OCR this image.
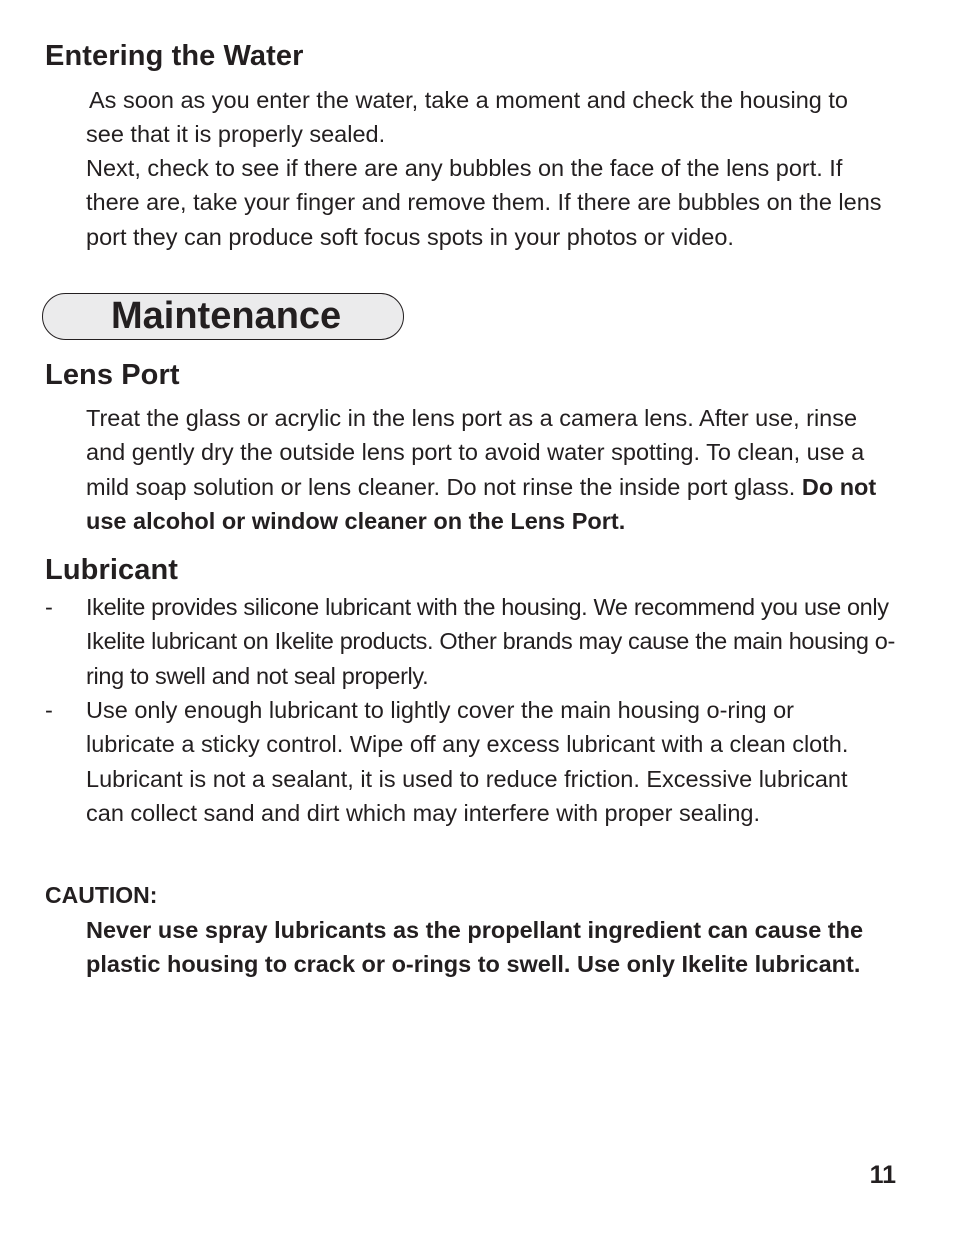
Entering the Water

As soon as you enter the water, take a moment and check the housing to see that it is properly sealed.

Next, check to see if there are any bubbles on the face of the lens port. If there are, take your finger and remove them. If there are bubbles on the lens port they can produce soft focus spots in your photos or video.

Maintenance
Lens Port

Treat the glass or acrylic in the lens port as a camera lens. After use, rinse and gently dry the outside lens port to avoid water spotting. To clean, use a mild soap solution or lens cleaner. Do not rinse the inside port glass. Do not use alcohol or window cleaner on the Lens Port.

Lubricant
- Ikelite provides silicone lubricant with the housing. We recommend you use only Ikelite lubricant on Ikelite products. Other brands may cause the main housing o-ring to swell and not seal properly.

- Use only enough lubricant to lightly cover the main housing o-ring or lubricate a sticky control. Wipe off any excess lubricant with a clean cloth. Lubricant is not a sealant, it is used to reduce friction. Excessive lubricant can collect sand and dirt which may interfere with proper sealing.

CAUTION:

Never use spray lubricants as the propellant ingredient can cause the plastic housing to crack or o-rings to swell. Use only Ikelite lubricant.

11
